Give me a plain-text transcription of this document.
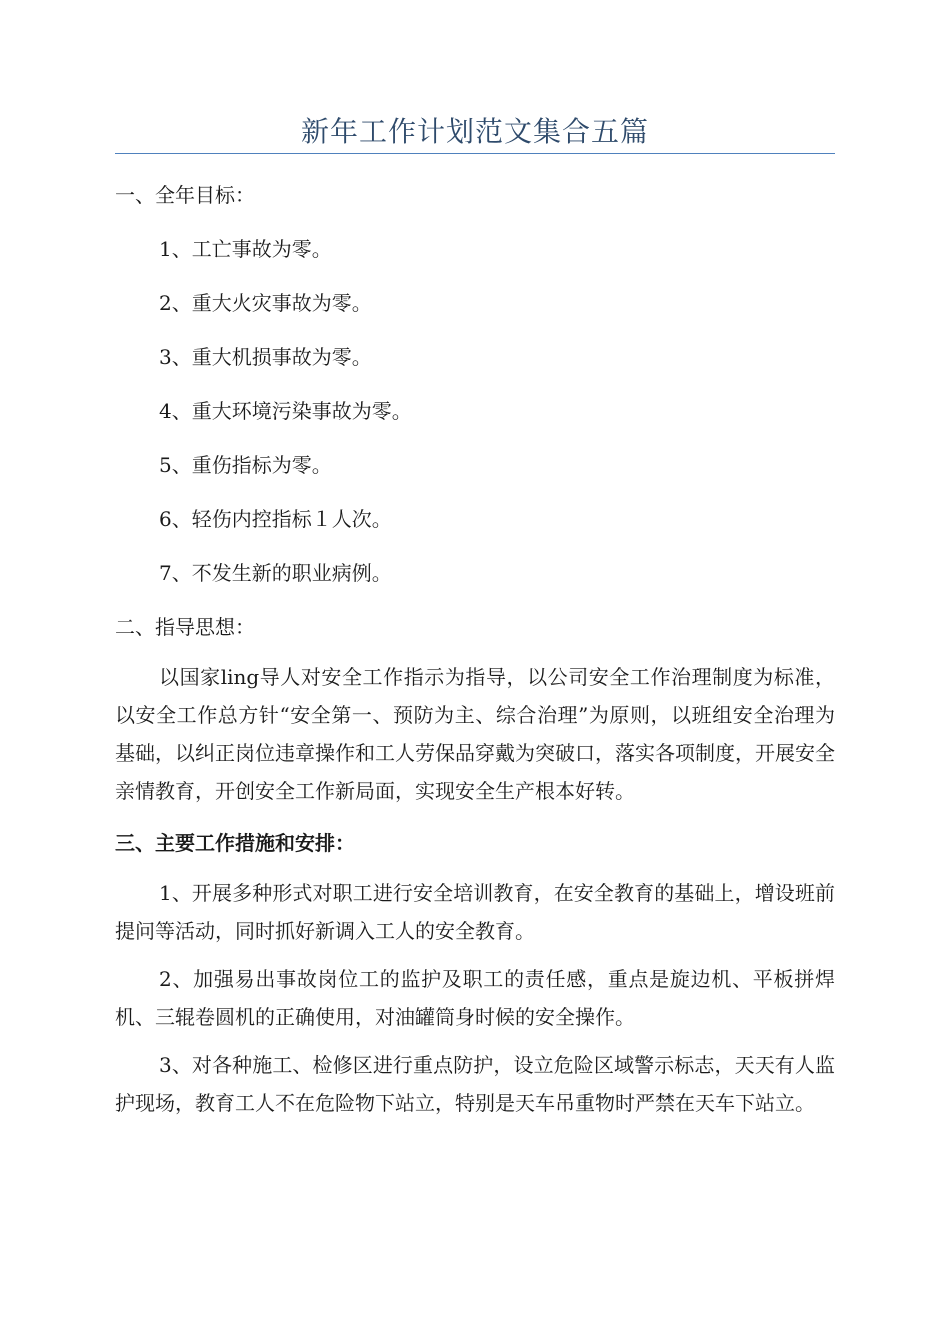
新年工作计划范文集合五篇

一、全年目标：

1、工亡事故为零。

2、重大火灾事故为零。

3、重大机损事故为零。

4、重大环境污染事故为零。

5、重伤指标为零。

6、轻伤内控指标１人次。

7、不发生新的职业病例。

二、指导思想：

以国家ling导人对安全工作指示为指导，以公司安全工作治理制度为标准，以安全工作总方针“安全第一、预防为主、综合治理”为原则，以班组安全治理为基础，以纠正岗位违章操作和工人劳保品穿戴为突破口，落实各项制度，开展安全亲情教育，开创安全工作新局面，实现安全生产根本好转。

三、主要工作措施和安排：

1、开展多种形式对职工进行安全培训教育，在安全教育的基础上，增设班前提问等活动，同时抓好新调入工人的安全教育。

2、加强易出事故岗位工的监护及职工的责任感，重点是旋边机、平板拼焊机、三辊卷圆机的正确使用，对油罐筒身时候的安全操作。

3、对各种施工、检修区进行重点防护，设立危险区域警示标志，天天有人监护现场，教育工人不在危险物下站立，特别是天车吊重物时严禁在天车下站立。
